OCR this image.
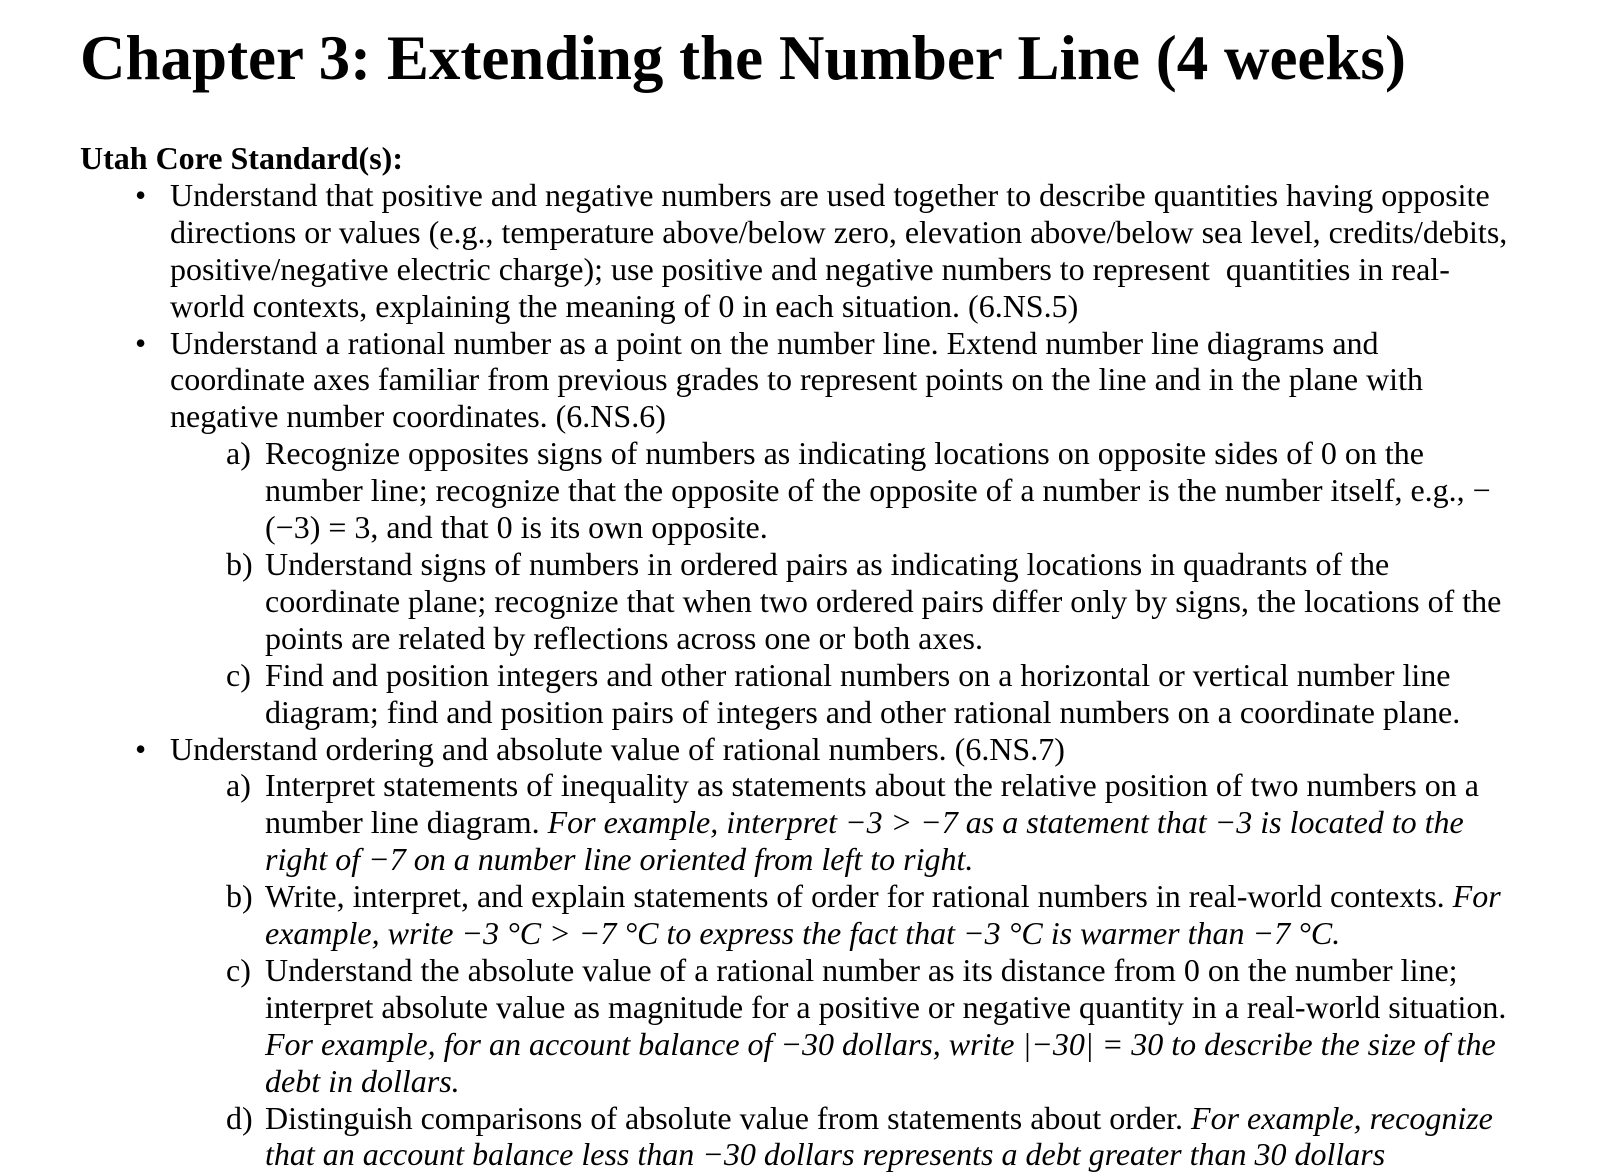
Chapter 3: Extending the Number Line (4 weeks)
Utah Core Standard(s):
• Understand that positive and negative numbers are used together to describe quantities having opposite directions or values (e.g., temperature above/below zero, elevation above/below sea level, credits/debits, positive/negative electric charge); use positive and negative numbers to represent  quantities in real-world contexts, explaining the meaning of 0 in each situation. (6.NS.5)
• Understand a rational number as a point on the number line. Extend number line diagrams and coordinate axes familiar from previous grades to represent points on the line and in the plane with negative number coordinates. (6.NS.6)
a) Recognize opposites signs of numbers as indicating locations on opposite sides of 0 on the number line; recognize that the opposite of the opposite of a number is the number itself, e.g., −(−3) = 3, and that 0 is its own opposite.
b) Understand signs of numbers in ordered pairs as indicating locations in quadrants of the coordinate plane; recognize that when two ordered pairs differ only by signs, the locations of the points are related by reflections across one or both axes.
c) Find and position integers and other rational numbers on a horizontal or vertical number line diagram; find and position pairs of integers and other rational numbers on a coordinate plane.
• Understand ordering and absolute value of rational numbers. (6.NS.7)
a) Interpret statements of inequality as statements about the relative position of two numbers on a number line diagram. For example, interpret −3 > −7 as a statement that −3 is located to the right of −7 on a number line oriented from left to right.
b) Write, interpret, and explain statements of order for rational numbers in real-world contexts. For example, write −3 °C > −7 °C to express the fact that −3 °C is warmer than −7 °C.
c) Understand the absolute value of a rational number as its distance from 0 on the number line; interpret absolute value as magnitude for a positive or negative quantity in a real-world situation. For example, for an account balance of −30 dollars, write |−30| = 30 to describe the size of the debt in dollars.
d) Distinguish comparisons of absolute value from statements about order. For example, recognize that an account balance less than −30 dollars represents a debt greater than 30 dollars
